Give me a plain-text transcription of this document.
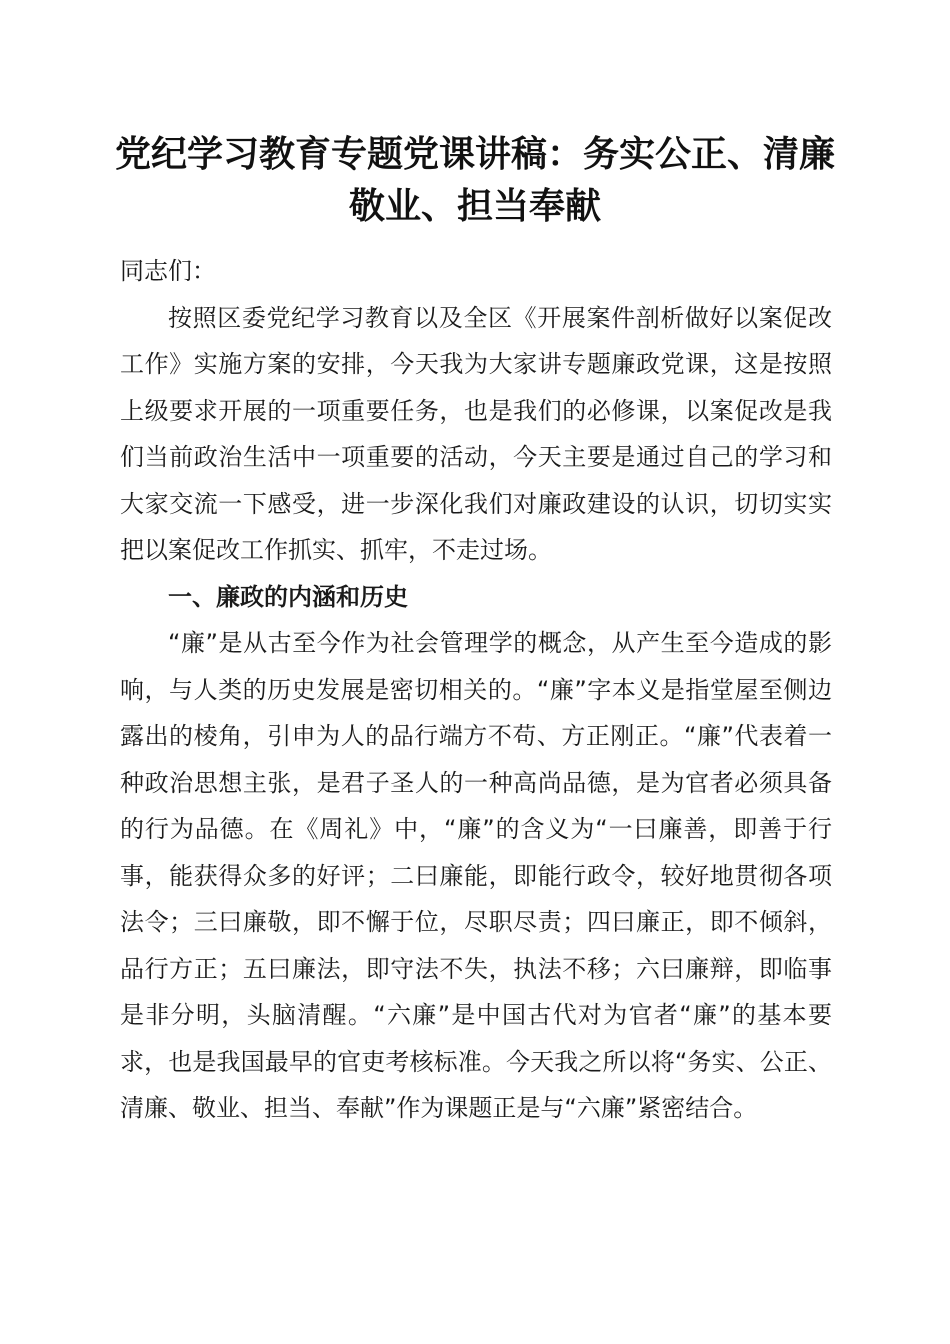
党纪学习教育专题党课讲稿：务实公正、清廉敬业、担当奉献

同志们：

按照区委党纪学习教育以及全区《开展案件剖析做好以案促改工作》实施方案的安排，今天我为大家讲专题廉政党课，这是按照上级要求开展的一项重要任务，也是我们的必修课，以案促改是我们当前政治生活中一项重要的活动，今天主要是通过自己的学习和大家交流一下感受，进一步深化我们对廉政建设的认识，切切实实把以案促改工作抓实、抓牢，不走过场。

一、廉政的内涵和历史

“廉”是从古至今作为社会管理学的概念，从产生至今造成的影响，与人类的历史发展是密切相关的。“廉”字本义是指堂屋至侧边露出的棱角，引申为人的品行端方不苟、方正刚正。“廉”代表着一种政治思想主张，是君子圣人的一种高尚品德，是为官者必须具备的行为品德。在《周礼》中，“廉”的含义为“一曰廉善，即善于行事，能获得众多的好评；二曰廉能，即能行政令，较好地贯彻各项法令；三曰廉敬，即不懈于位，尽职尽责；四曰廉正，即不倾斜，品行方正；五曰廉法，即守法不失，执法不移；六曰廉辩，即临事是非分明，头脑清醒。“六廉”是中国古代对为官者“廉”的基本要求，也是我国最早的官吏考核标准。今天我之所以将“务实、公正、清廉、敬业、担当、奉献”作为课题正是与“六廉”紧密结合。
